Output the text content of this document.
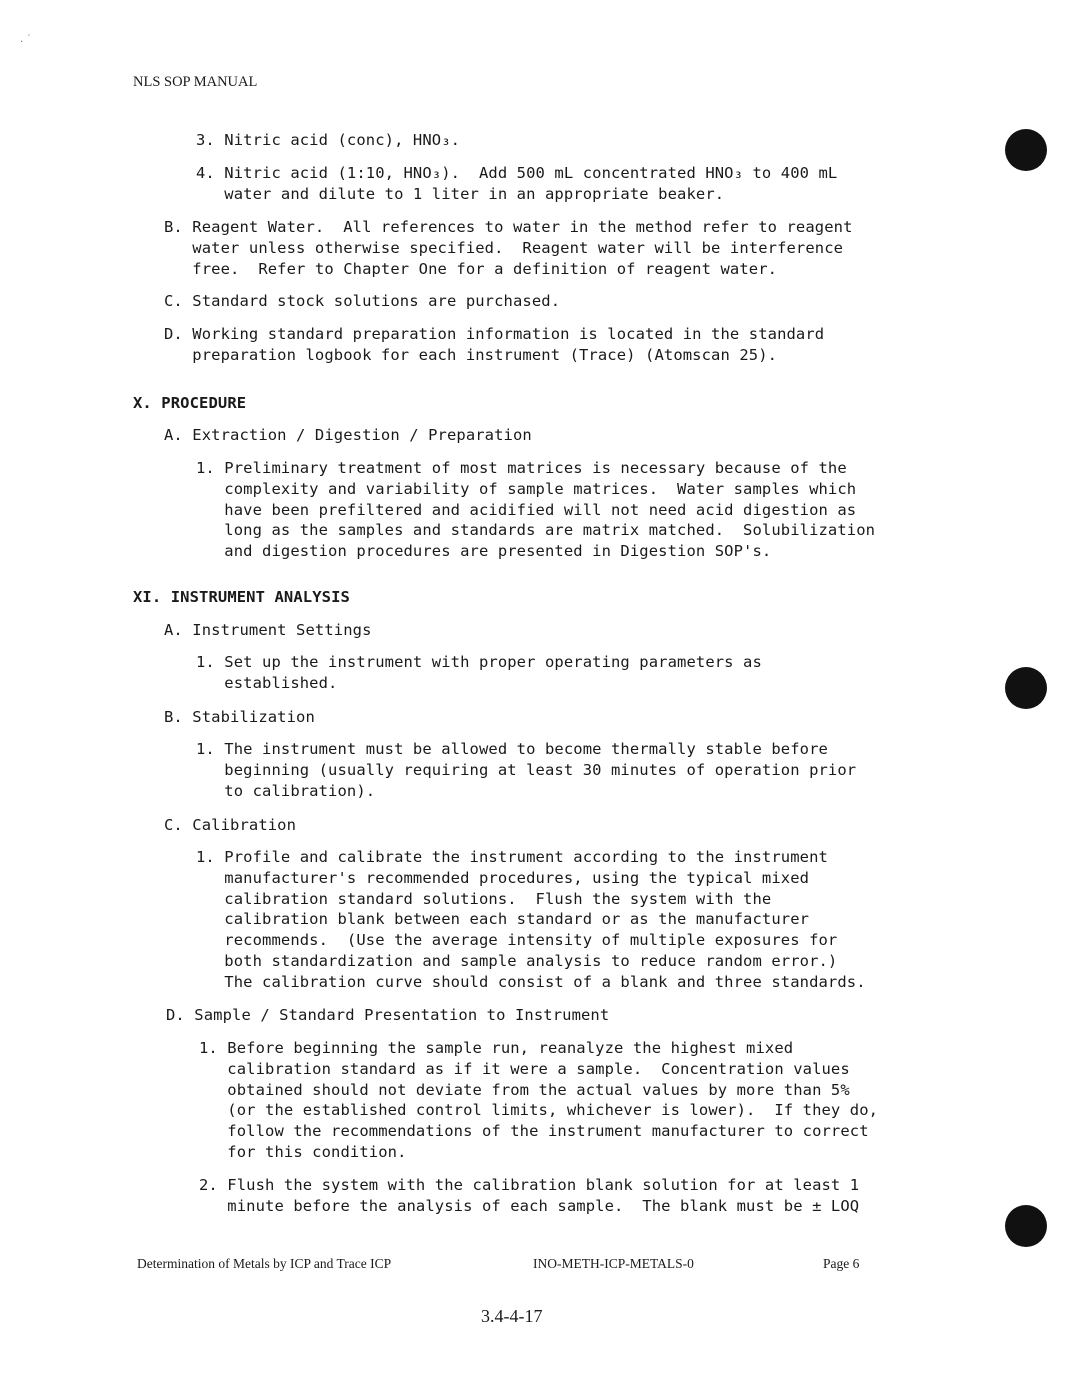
. ˙
NLS SOP MANUAL
3. Nitric acid (conc), HNO₃.
4. Nitric acid (1:10, HNO₃).  Add 500 mL concentrated HNO₃ to 400 mL
water and dilute to 1 liter in an appropriate beaker.
B. Reagent Water.  All references to water in the method refer to reagent
water unless otherwise specified.  Reagent water will be interference
free.  Refer to Chapter One for a definition of reagent water.
C. Standard stock solutions are purchased.
D. Working standard preparation information is located in the standard
preparation logbook for each instrument (Trace) (Atomscan 25).
X. PROCEDURE
A. Extraction / Digestion / Preparation
1. Preliminary treatment of most matrices is necessary because of the
complexity and variability of sample matrices.  Water samples which
have been prefiltered and acidified will not need acid digestion as
long as the samples and standards are matrix matched.  Solubilization
and digestion procedures are presented in Digestion SOP's.
XI. INSTRUMENT ANALYSIS
A. Instrument Settings
1. Set up the instrument with proper operating parameters as
established.
B. Stabilization
1. The instrument must be allowed to become thermally stable before
beginning (usually requiring at least 30 minutes of operation prior
to calibration).
C. Calibration
1. Profile and calibrate the instrument according to the instrument
manufacturer's recommended procedures, using the typical mixed
calibration standard solutions.  Flush the system with the
calibration blank between each standard or as the manufacturer
recommends.  (Use the average intensity of multiple exposures for
both standardization and sample analysis to reduce random error.)
The calibration curve should consist of a blank and three standards.
D. Sample / Standard Presentation to Instrument
1. Before beginning the sample run, reanalyze the highest mixed
calibration standard as if it were a sample.  Concentration values
obtained should not deviate from the actual values by more than 5%
(or the established control limits, whichever is lower).  If they do,
follow the recommendations of the instrument manufacturer to correct
for this condition.
2. Flush the system with the calibration blank solution for at least 1
minute before the analysis of each sample.  The blank must be ± LOQ
Determination of Metals by ICP and Trace ICP	INO-METH-ICP-METALS-0	Page 6
3.4-4-17
